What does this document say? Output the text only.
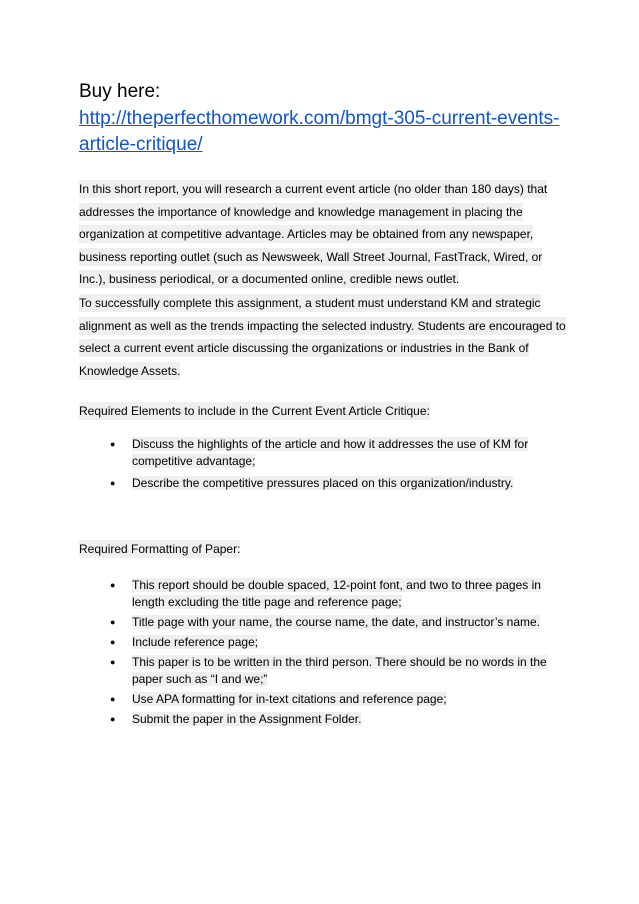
Buy here:

http://theperfecthomework.com/bmgt-305-current-events-article-critique/

In this short report, you will research a current event article (no older than 180 days) that addresses the importance of knowledge and knowledge management in placing the organization at competitive advantage. Articles may be obtained from any newspaper, business reporting outlet (such as Newsweek, Wall Street Journal, FastTrack, Wired, or Inc.), business periodical, or a documented online, credible news outlet.

To successfully complete this assignment, a student must understand KM and strategic alignment as well as the trends impacting the selected industry. Students are encouraged to select a current event article discussing the organizations or industries in the Bank of Knowledge Assets.

Required Elements to include in the Current Event Article Critique:

● Discuss the highlights of the article and how it addresses the use of KM for competitive advantage;
● Describe the competitive pressures placed on this organization/industry.

Required Formatting of Paper:

● This report should be double spaced, 12-point font, and two to three pages in length excluding the title page and reference page;
● Title page with your name, the course name, the date, and instructor’s name.
● Include reference page;
● This paper is to be written in the third person. There should be no words in the paper such as “I and we;”
● Use APA formatting for in-text citations and reference page;
● Submit the paper in the Assignment Folder.
